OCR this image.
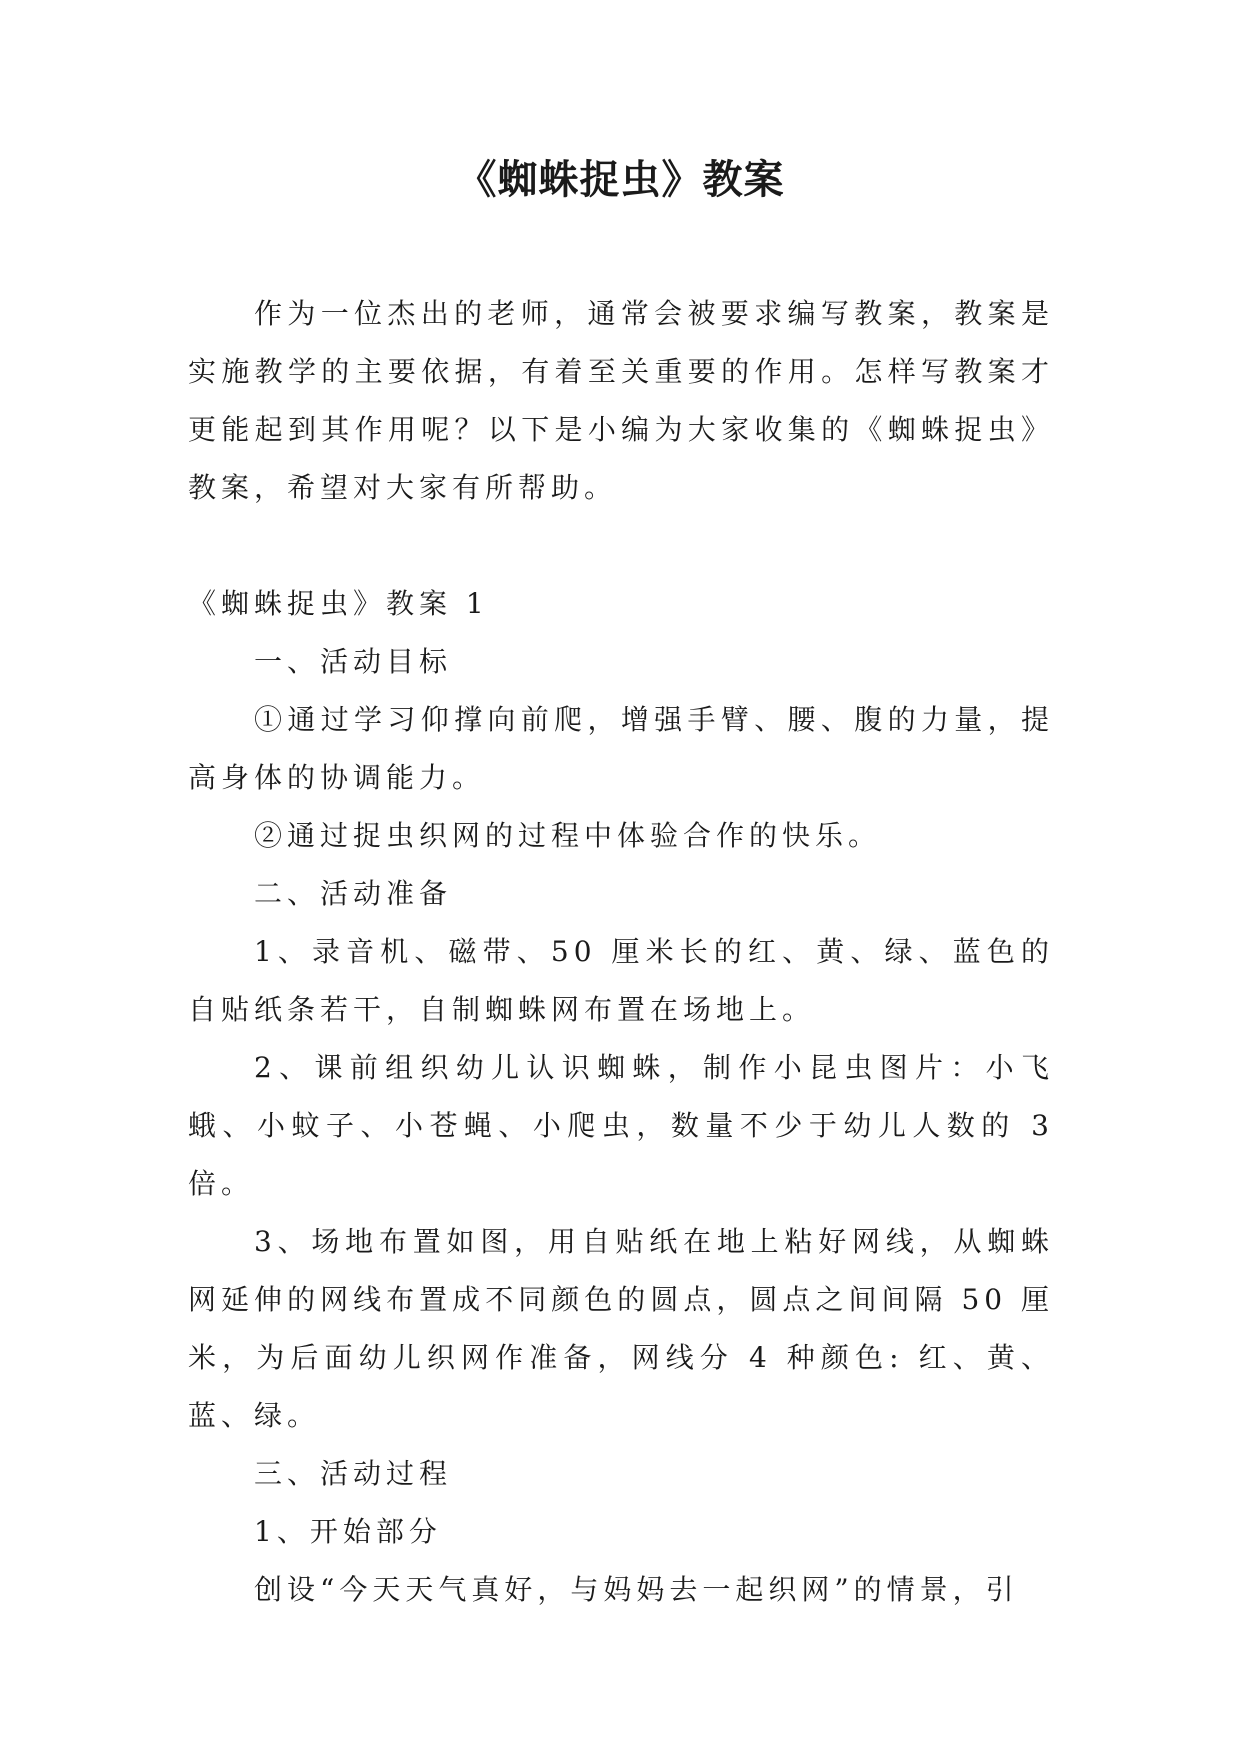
《蜘蛛捉虫》教案

作为一位杰出的老师，通常会被要求编写教案，教案是实施教学的主要依据，有着至关重要的作用。怎样写教案才更能起到其作用呢？以下是小编为大家收集的《蜘蛛捉虫》教案，希望对大家有所帮助。

《蜘蛛捉虫》教案 1

一、活动目标

①通过学习仰撑向前爬，增强手臂、腰、腹的力量，提高身体的协调能力。

②通过捉虫织网的过程中体验合作的快乐。

二、活动准备

1、录音机、磁带、50 厘米长的红、黄、绿、蓝色的自贴纸条若干，自制蜘蛛网布置在场地上。

2、课前组织幼儿认识蜘蛛，制作小昆虫图片：小飞蛾、小蚊子、小苍蝇、小爬虫，数量不少于幼儿人数的 3 倍。

3、场地布置如图，用自贴纸在地上粘好网线，从蜘蛛网延伸的网线布置成不同颜色的圆点，圆点之间间隔 50 厘米，为后面幼儿织网作准备，网线分 4 种颜色: 红、黄、蓝、绿。

三、活动过程

1、开始部分

创设“今天天气真好，与妈妈去一起织网”的情景，引
